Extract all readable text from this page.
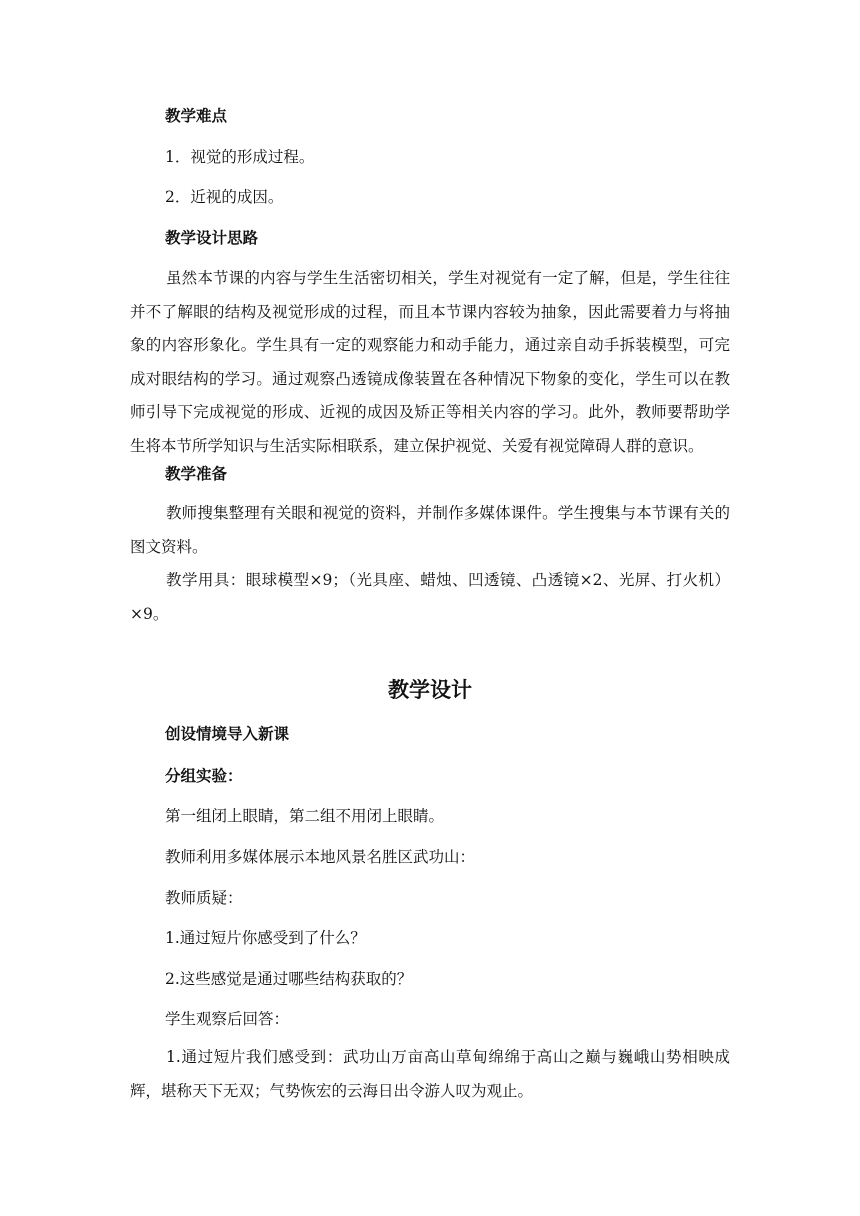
教学难点

1．视觉的形成过程。

2．近视的成因。

教学设计思路

虽然本节课的内容与学生生活密切相关，学生对视觉有一定了解，但是，学生往往并不了解眼的结构及视觉形成的过程，而且本节课内容较为抽象，因此需要着力与将抽象的内容形象化。学生具有一定的观察能力和动手能力，通过亲自动手拆装模型，可完成对眼结构的学习。通过观察凸透镜成像装置在各种情况下物象的变化，学生可以在教师引导下完成视觉的形成、近视的成因及矫正等相关内容的学习。此外，教师要帮助学生将本节所学知识与生活实际相联系，建立保护视觉、关爱有视觉障碍人群的意识。

教学准备

教师搜集整理有关眼和视觉的资料，并制作多媒体课件。学生搜集与本节课有关的图文资料。

教学用具：眼球模型×9；（光具座、蜡烛、凹透镜、凸透镜×2、光屏、打火机）×9。

教学设计

创设情境导入新课

分组实验：

第一组闭上眼睛，第二组不用闭上眼睛。

教师利用多媒体展示本地风景名胜区武功山：

教师质疑：

1.通过短片你感受到了什么？

2.这些感觉是通过哪些结构获取的？

学生观察后回答：

1.通过短片我们感受到：武功山万亩高山草甸绵绵于高山之巅与巍峨山势相映成辉，堪称天下无双；气势恢宏的云海日出令游人叹为观止。
